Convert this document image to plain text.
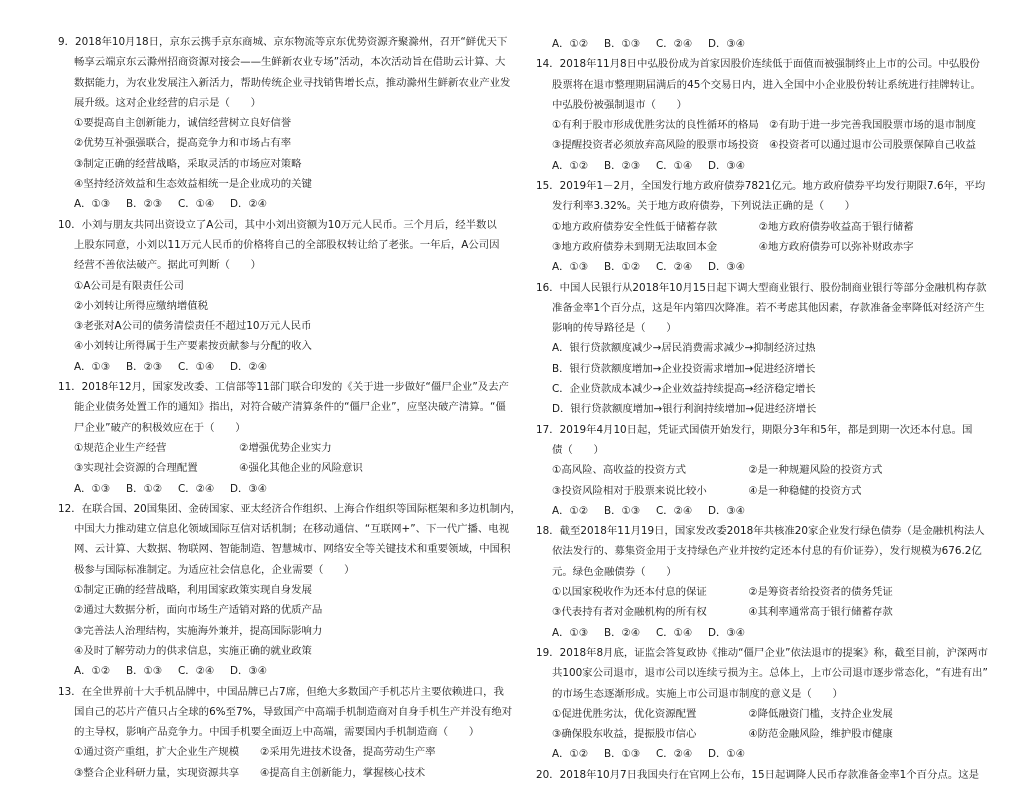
9．2018年10月18日，京东云携手京东商城、京东物流等京东优势资源齐聚滁州，召开“鲜优天下
畅享云端京东云滁州招商资源对接会——生鲜新农业专场”活动，本次活动旨在借助云计算、大
数据能力，为农业发展注入新活力，帮助传统企业寻找销售增长点，推动滁州生鲜新农业产业发
展升级。这对企业经营的启示是（　　）
①要提高自主创新能力，诚信经营树立良好信誉
②优势互补强强联合，提高竞争力和市场占有率
③制定正确的经营战略，采取灵活的市场应对策略
④坚持经济效益和生态效益相统一是企业成功的关键
A．①③ B．②③ C．①④ D．②④
10．小刘与朋友共同出资设立了A公司，其中小刘出资额为10万元人民币。三个月后，经半数以
上股东同意，小刘以11万元人民币的价格将自己的全部股权转让给了老张。一年后，A公司因
经营不善依法破产。据此可判断（　　）
①A公司是有限责任公司
②小刘转让所得应缴纳增值税
③老张对A公司的债务清偿责任不超过10万元人民币
④小刘转让所得属于生产要素按贡献参与分配的收入
A．①③ B．②③ C．①④ D．②④
11．2018年12月，国家发改委、工信部等11部门联合印发的《关于进一步做好“僵尸企业”及去产
能企业债务处置工作的通知》指出，对符合破产清算条件的“僵尸企业”，应坚决破产清算。“僵
尸企业”破产的积极效应在于（　　）
①规范企业生产经营　　　　　　　②增强优势企业实力
③实现社会资源的合理配置　　　　④强化其他企业的风险意识
A．①③ B．①② C．②④ D．③④
12．在联合国、20国集团、金砖国家、亚太经济合作组织、上海合作组织等国际框架和多边机制内，
中国大力推动建立信息化领域国际互信对话机制；在移动通信、“互联网+”、下一代广播、电视
网、云计算、大数据、物联网、智能制造、智慧城市、网络安全等关键技术和重要领域，中国积
极参与国际标准制定。为适应社会信息化，企业需要（　　）
①制定正确的经营战略，利用国家政策实现自身发展
②通过大数据分析，面向市场生产适销对路的优质产品
③完善法人治理结构，实施海外兼并，提高国际影响力
④及时了解劳动力的供求信息，实施正确的就业政策
A．①② B．①③ C．②④ D．③④
13．在全世界前十大手机品牌中，中国品牌已占7席，但绝大多数国产手机芯片主要依赖进口，我
国自己的芯片产值只占全球的6%至7%，导致国产中高端手机制造商对自身手机生产并没有绝对
的主导权，影响产品竞争力。中国手机要全面迈上中高端，需要国内手机制造商（　　）
①通过资产重组，扩大企业生产规模　　②采用先进技术设备，提高劳动生产率
③整合企业科研力量，实现资源共享　　④提高自主创新能力，掌握核心技术
A．①② B．①③ C．②④ D．③④
14．2018年11月8日中弘股份成为首家因股价连续低于面值而被强制终止上市的公司。中弘股份
股票将在退市整理期届满后的45个交易日内，进入全国中小企业股份转让系统进行挂牌转让。
中弘股份被强制退市（　　）
①有利于股市形成优胜劣汰的良性循环的格局　②有助于进一步完善我国股票市场的退市制度
③提醒投资者必须放弃高风险的股票市场投资　④投资者可以通过退市公司股票保障自己收益
A．①② B．②③ C．①④ D．③④
15．2019年1－2月，全国发行地方政府债券7821亿元。地方政府债券平均发行期限7.6年，平均
发行利率3.32%。关于地方政府债券，下列说法正确的是（　　）
①地方政府债券安全性低于储蓄存款　　　　②地方政府债券收益高于银行储蓄
③地方政府债券未到期无法取回本金　　　　④地方政府债券可以弥补财政赤字
A．①③ B．①② C．②④ D．③④
16．中国人民银行从2018年10月15日起下调大型商业银行、股份制商业银行等部分金融机构存款
准备金率1个百分点，这是年内第四次降准。若不考虑其他因素，存款准备金率降低对经济产生
影响的传导路径是（　　）
A．银行贷款额度减少→居民消费需求减少→抑制经济过热
B．银行贷款额度增加→企业投资需求增加→促进经济增长
C．企业贷款成本减少→企业效益持续提高→经济稳定增长
D．银行贷款额度增加→银行利润持续增加→促进经济增长
17．2019年4月10日起，凭证式国债开始发行，期限分3年和5年，都是到期一次还本付息。国
债（　　）
①高风险、高收益的投资方式　　　　　　②是一种规避风险的投资方式
③投资风险相对于股票来说比较小　　　　④是一种稳健的投资方式
A．①② B．①③ C．②④ D．③④
18．截至2018年11月19日，国家发改委2018年共核准20家企业发行绿色债券（是金融机构法人
依法发行的、募集资金用于支持绿色产业并按约定还本付息的有价证券），发行规模为676.2亿
元。绿色金融债券（　　）
①以国家税收作为还本付息的保证　　　　②是筹资者给投资者的债务凭证
③代表持有者对金融机构的所有权　　　　④其利率通常高于银行储蓄存款
A．①③ B．②④ C．①④ D．③④
19．2018年8月底，证监会答复政协《推动“僵尸企业”依法退市的提案》称，截至目前，沪深两市
共100家公司退市，退市公司以连续亏损为主。总体上，上市公司退市逐步常态化，“有进有出”
的市场生态逐渐形成。实施上市公司退市制度的意义是（　　）
①促进优胜劣汰，优化资源配置　　　　　②降低融资门槛，支持企业发展
③确保股东收益，提振股市信心　　　　　④防范金融风险，维护股市健康
A．①② B．①③ C．②④ D．①④
20．2018年10月7日我国央行在官网上公布，15日起调降人民币存款准备金率1个百分点。这是
